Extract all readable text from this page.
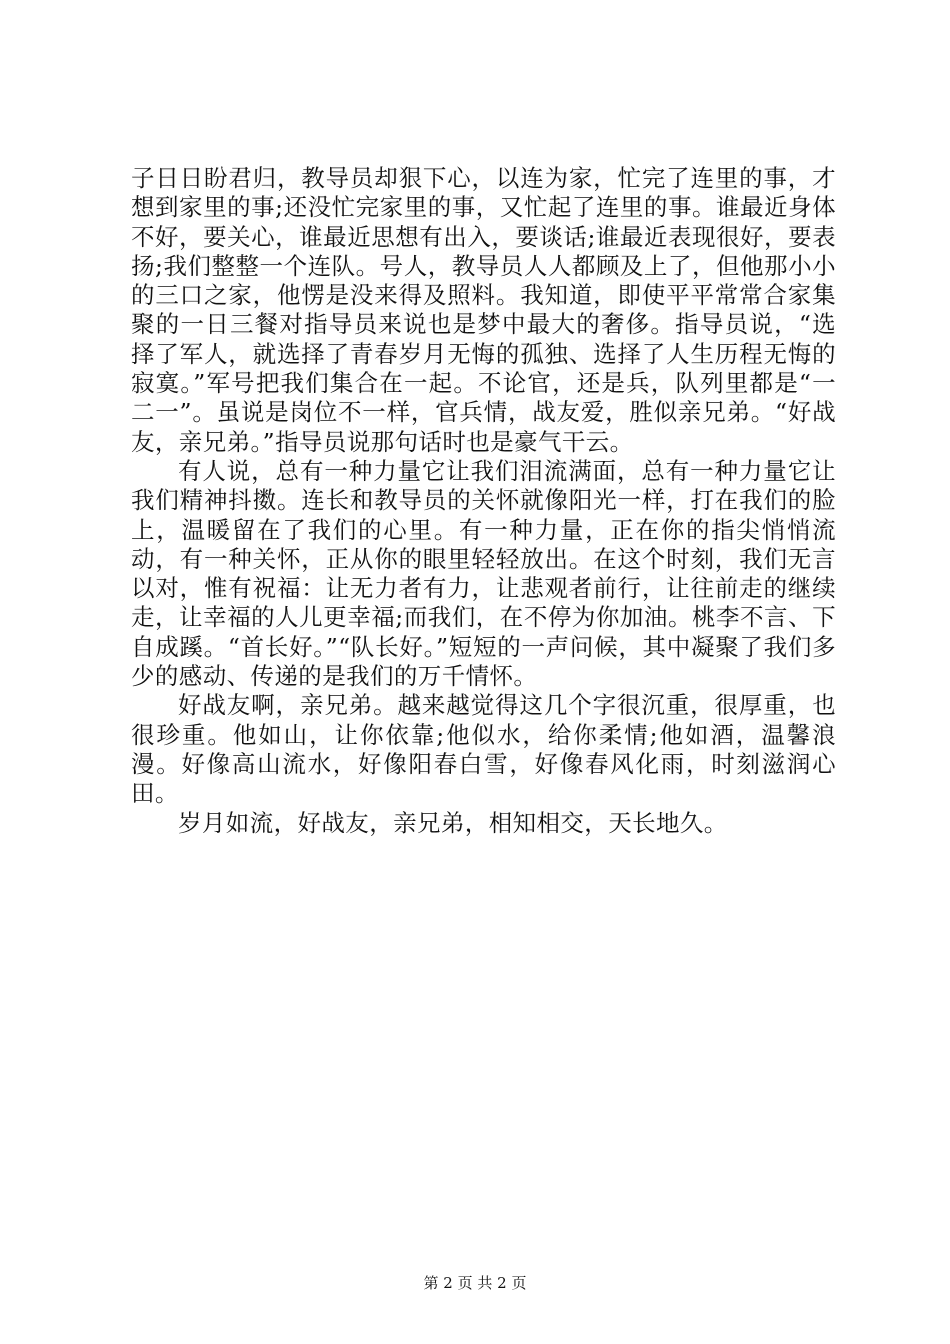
子日日盼君归，教导员却狠下心，以连为家，忙完了连里的事，才想到家里的事;还没忙完家里的事，又忙起了连里的事。谁最近身体不好，要关心，谁最近思想有出入，要谈话;谁最近表现很好，要表扬;我们整整一个连队。号人，教导员人人都顾及上了，但他那小小的三口之家，他愣是没来得及照料。我知道，即使平平常常合家集聚的一日三餐对指导员来说也是梦中最大的奢侈。指导员说，“选择了军人，就选择了青春岁月无悔的孤独、选择了人生历程无悔的寂寞。”军号把我们集合在一起。不论官，还是兵，队列里都是“一二一”。虽说是岗位不一样，官兵情，战友爱，胜似亲兄弟。“好战友，亲兄弟。”指导员说那句话时也是豪气干云。

有人说，总有一种力量它让我们泪流满面，总有一种力量它让我们精神抖擞。连长和教导员的关怀就像阳光一样，打在我们的脸上，温暖留在了我们的心里。有一种力量，正在你的指尖悄悄流动，有一种关怀，正从你的眼里轻轻放出。在这个时刻，我们无言以对，惟有祝福：让无力者有力，让悲观者前行，让往前走的继续走，让幸福的人儿更幸福;而我们，在不停为你加油。桃李不言、下自成蹊。“首长好。”“队长好。”短短的一声问候，其中凝聚了我们多少的感动、传递的是我们的万千情怀。

好战友啊，亲兄弟。越来越觉得这几个字很沉重，很厚重，也很珍重。他如山，让你依靠;他似水，给你柔情;他如酒，温馨浪漫。好像高山流水，好像阳春白雪，好像春风化雨，时刻滋润心田。

岁月如流，好战友，亲兄弟，相知相交，天长地久。

第 2 页 共 2 页
